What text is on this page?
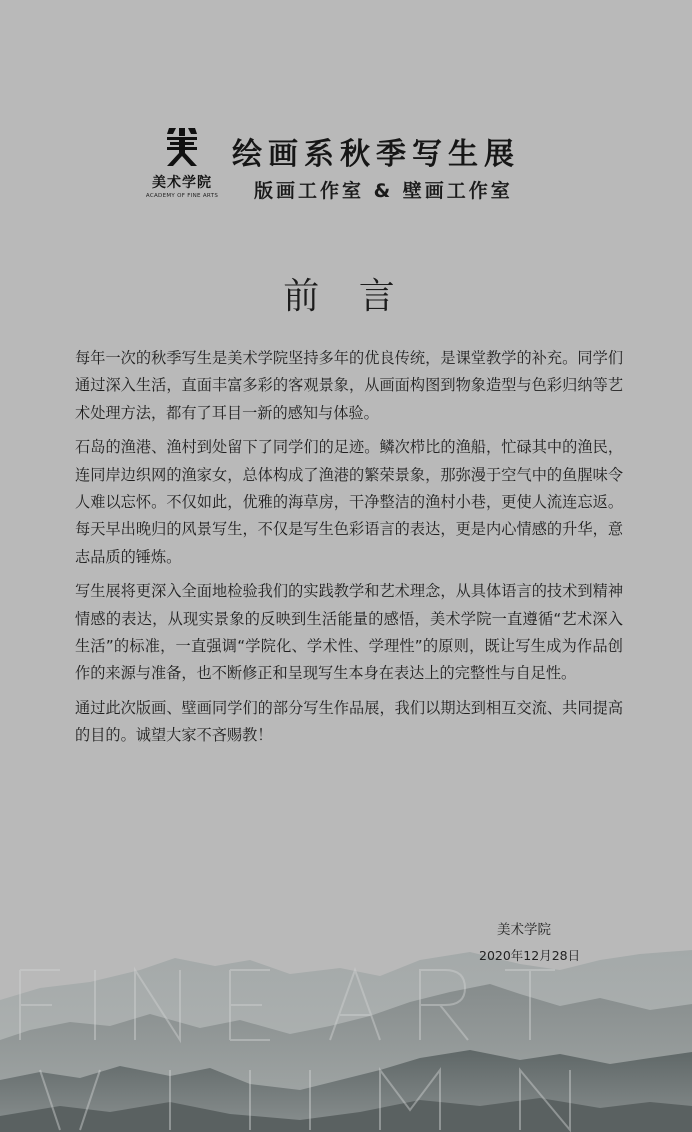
美术学院
ACADEMY OF FINE ARTS
绘画系秋季写生展
版画工作室 & 壁画工作室
前 言

每年一次的秋季写生是美术学院坚持多年的优良传统，是课堂教学的补充。同学们通过深入生活，直面丰富多彩的客观景象，从画面构图到物象造型与色彩归纳等艺术处理方法，都有了耳目一新的感知与体验。

石岛的渔港、渔村到处留下了同学们的足迹。鳞次栉比的渔船，忙碌其中的渔民，连同岸边织网的渔家女，总体构成了渔港的繁荣景象，那弥漫于空气中的鱼腥味令人难以忘怀。不仅如此，优雅的海草房，干净整洁的渔村小巷，更使人流连忘返。每天早出晚归的风景写生，不仅是写生色彩语言的表达，更是内心情感的升华，意志品质的锤炼。

写生展将更深入全面地检验我们的实践教学和艺术理念，从具体语言的技术到精神情感的表达，从现实景象的反映到生活能量的感悟，美术学院一直遵循“艺术深入生活”的标准，一直强调“学院化、学术性、学理性”的原则，既让写生成为作品创作的来源与准备，也不断修正和呈现写生本身在表达上的完整性与自足性。

通过此次版画、壁画同学们的部分写生作品展，我们以期达到相互交流、共同提高的目的。诚望大家不吝赐教！

美术学院
2020年12月28日
